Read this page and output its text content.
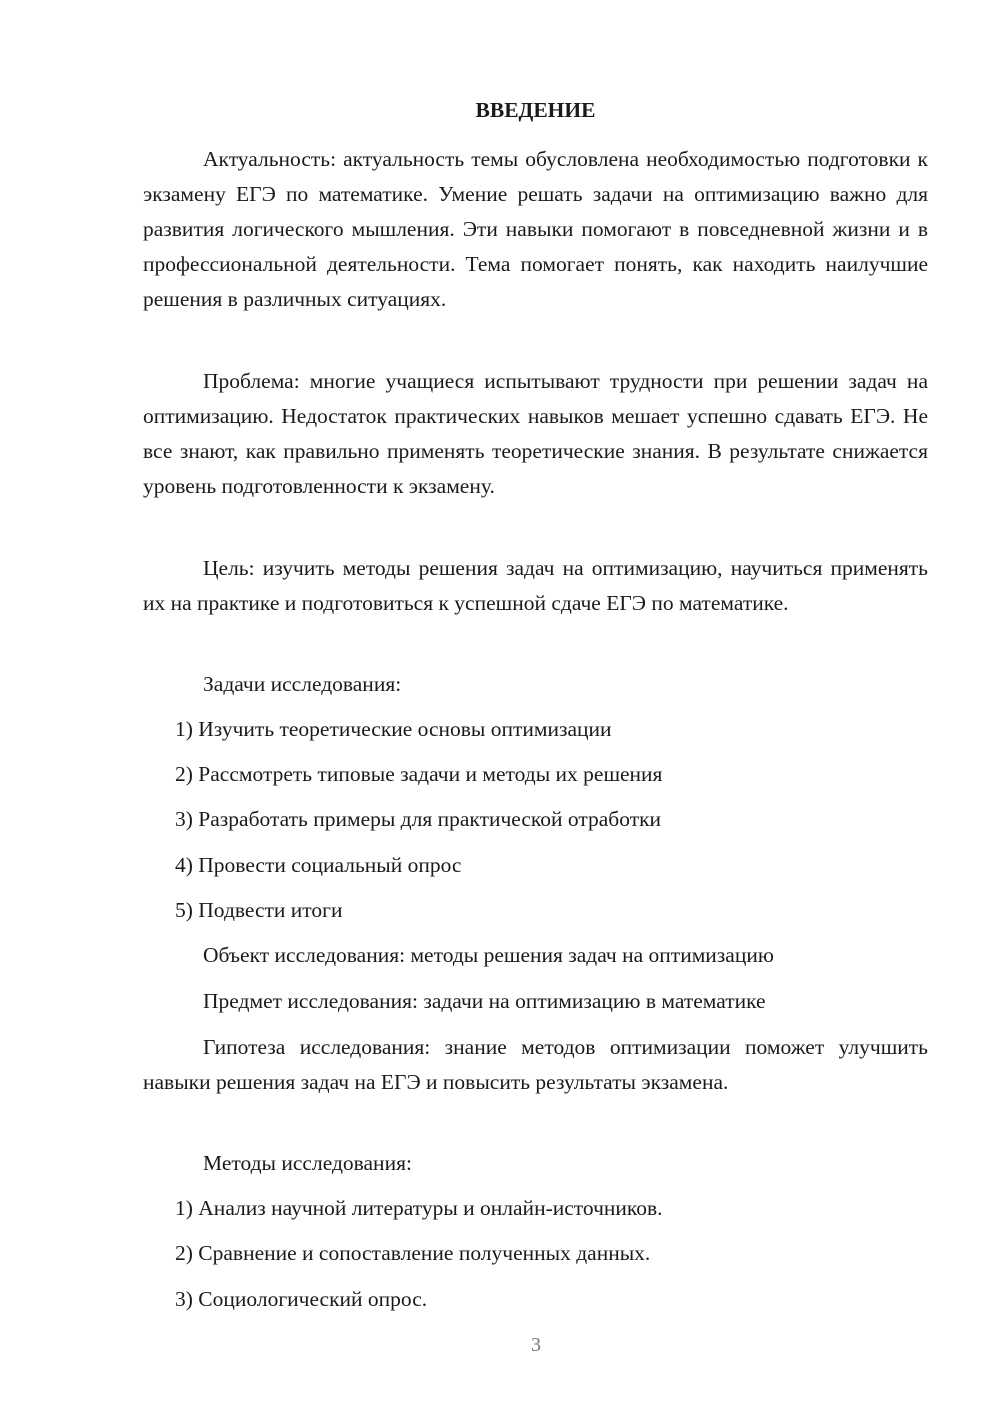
ВВЕДЕНИЕ

Актуальность: актуальность темы обусловлена необходимостью подготовки к экзамену ЕГЭ по математике. Умение решать задачи на оптимизацию важно для развития логического мышления. Эти навыки помогают в повседневной жизни и в профессиональной деятельности. Тема помогает понять, как находить наилучшие решения в различных ситуациях.

Проблема: многие учащиеся испытывают трудности при решении задач на оптимизацию. Недостаток практических навыков мешает успешно сдавать ЕГЭ. Не все знают, как правильно применять теоретические знания. В результате снижается уровень подготовленности к экзамену.

Цель: изучить методы решения задач на оптимизацию, научиться применять их на практике и подготовиться к успешной сдаче ЕГЭ по математике.

Задачи исследования:

1) Изучить теоретические основы оптимизации

2) Рассмотреть типовые задачи и методы их решения

3) Разработать примеры для практической отработки

4) Провести социальный опрос

5) Подвести итоги

Объект исследования: методы решения задач на оптимизацию

Предмет исследования: задачи на оптимизацию в математике

Гипотеза исследования: знание методов оптимизации поможет улучшить навыки решения задач на ЕГЭ и повысить результаты экзамена.

Методы исследования:

1) Анализ научной литературы и онлайн-источников.

2) Сравнение и сопоставление полученных данных.

3) Социологический опрос.

3
